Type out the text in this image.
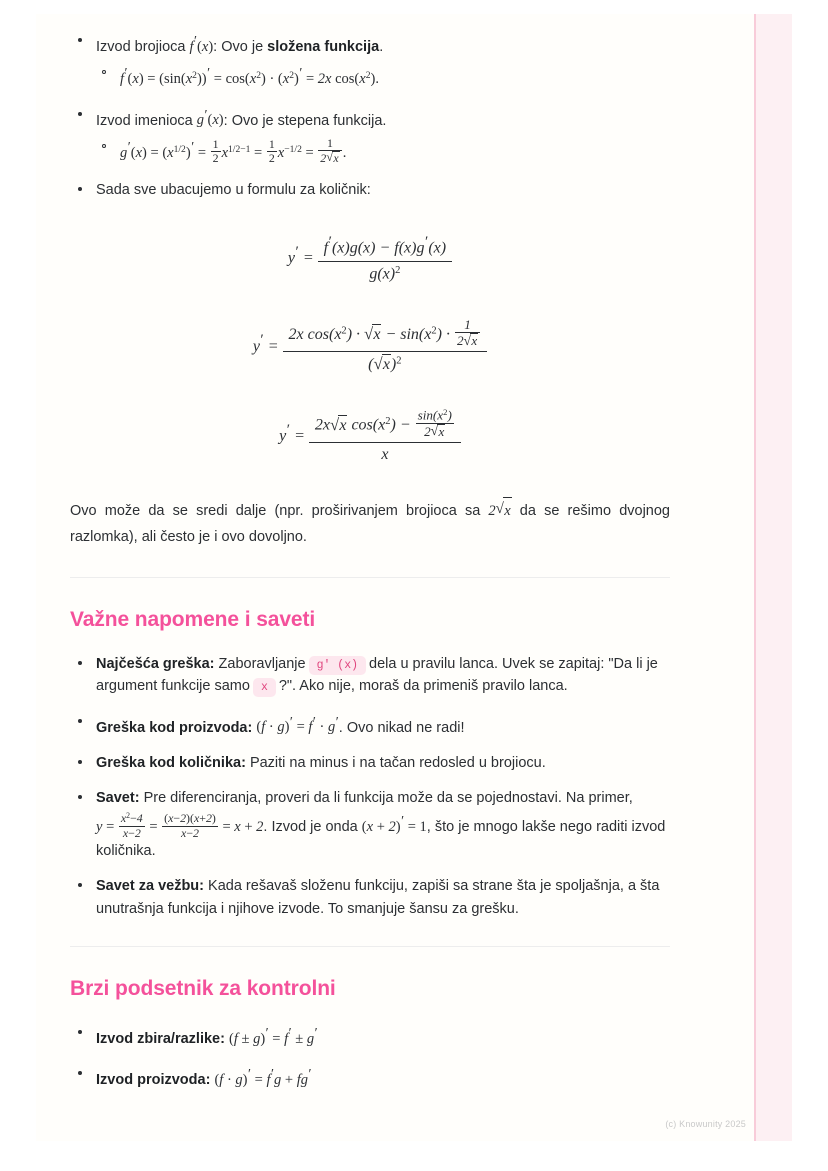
Izvod brojioca f′(x): Ovo je složena funkcija.
$f'(x) = (\sin(x^2))' = \cos(x^2) \cdot (x^2)' = 2x$ $\cos(x^2)$.
Izvod imenioca g′(x): Ovo je stepena funkcija.
$g'(x) = (x^{1/2})' = \frac{1}{2} x^{1/2-1} = \frac{1}{2} x^{-1/2} = \frac{1}{2 √ x}$ .
Sada sve ubacujemo u formulu za količnik:
$y' = \frac{f'(x)g(x) - f(x)g'(x)}{g(x)^2}$
$y' = \frac{2x \cos(x^2) \cdot √ x - \sin(x^2) \cdot \frac{1}{2 √ x}}{( √ x)^2}$
$y' = \frac{2x √ x \cos(x^2) - \frac{\sin(x^2)}{2 √ x}}{x}$

Ovo može da se sredi dalje (npr. proširivanjem brojioca sa 2 √ x da se rešimo dvojnog razlomka), ali često je i ovo dovoljno.

Važne napomene i saveti
Najčešća greška: Zaboravljanje g' (x) dela u pravilu lanca. Uvek se zapitaj: "Da li je argument funkcije samo x ?". Ako nije, moraš da primeniš pravilo lanca.
Greška kod proizvoda: (f · g)′ = f′ · g′. Ovo nikad ne radi!
Greška kod količnika: Paziti na minus i na tačan redosled u brojiocu.
Savet: Pre diferenciranja, proveri da li funkcija može da se pojednostavi. Na primer, $y = \frac{x^2-4}{x-2} = \frac{(x-2)(x+2)}{x-2} = x + 2$. Izvod je onda (x + 2)′ = 1, što je mnogo lakše nego raditi izvod količnika.
Savet za vežbu: Kada rešavaš složenu funkciju, zapiši sa strane šta je spoljašnja, a šta unutrašnja funkcija i njihove izvode. To smanjuje šansu za grešku.
Brzi podsetnik za kontrolni
Izvod zbira/razlike: (f ± g)′ = f′ ± g′
Izvod proizvoda: (f · g)′ = f′g + fg′
(c) Knowunity 2025
